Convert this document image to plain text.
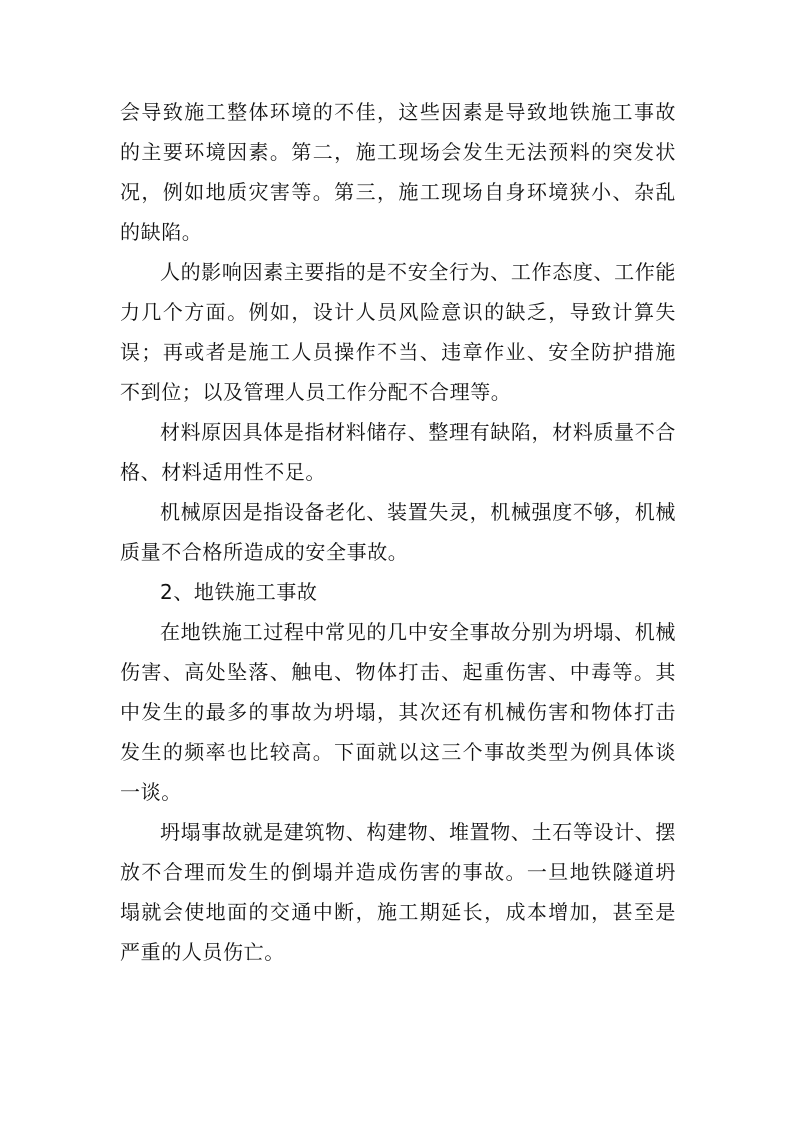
会导致施工整体环境的不佳，这些因素是导致地铁施工事故的主要环境因素。第二，施工现场会发生无法预料的突发状况，例如地质灾害等。第三，施工现场自身环境狭小、杂乱的缺陷。

人的影响因素主要指的是不安全行为、工作态度、工作能力几个方面。例如，设计人员风险意识的缺乏，导致计算失误；再或者是施工人员操作不当、违章作业、安全防护措施不到位；以及管理人员工作分配不合理等。

材料原因具体是指材料储存、整理有缺陷，材料质量不合格、材料适用性不足。

机械原因是指设备老化、装置失灵，机械强度不够，机械质量不合格所造成的安全事故。

2、地铁施工事故

在地铁施工过程中常见的几中安全事故分别为坍塌、机械伤害、高处坠落、触电、物体打击、起重伤害、中毒等。其中发生的最多的事故为坍塌，其次还有机械伤害和物体打击发生的频率也比较高。下面就以这三个事故类型为例具体谈一谈。

坍塌事故就是建筑物、构建物、堆置物、土石等设计、摆放不合理而发生的倒塌并造成伤害的事故。一旦地铁隧道坍塌就会使地面的交通中断，施工期延长，成本增加，甚至是严重的人员伤亡。
